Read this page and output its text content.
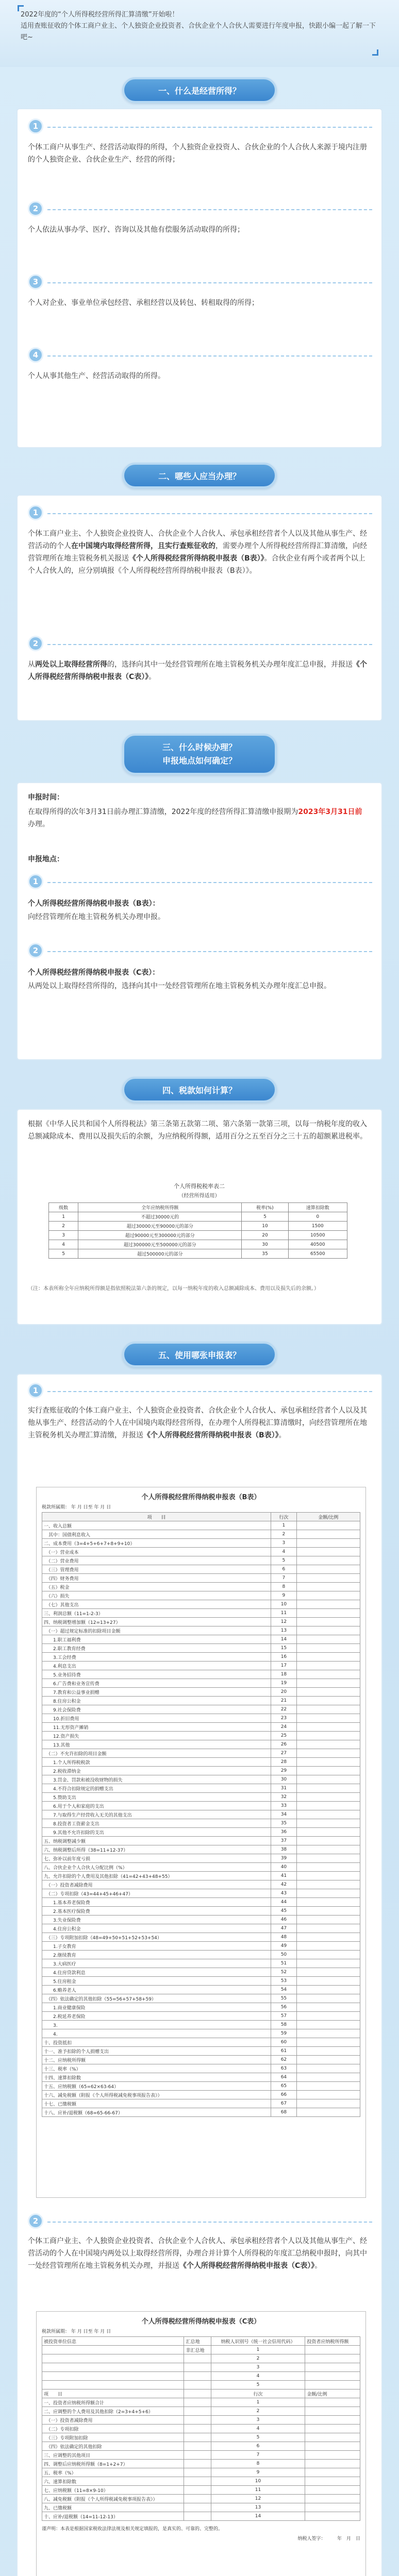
2022年度的“个人所得税经营所得汇算清缴”开始啦！
适用查账征收的个体工商户业主、个人独资企业投资者、合伙企业个人合伙人需要进行年度申报，快跟小编一起了解一下吧~
一、什么是经营所得？
1
个体工商户从事生产、经营活动取得的所得，个人独资企业投资人、合伙企业的个人合伙人来源于境内注册的个人独资企业、合伙企业生产、经营的所得；
2
个人依法从事办学、医疗、咨询以及其他有偿服务活动取得的所得；
3
个人对企业、事业单位承包经营、承租经营以及转包、转租取得的所得；
4
个人从事其他生产、经营活动取得的所得。
二、哪些人应当办理？
1
个体工商户业主、个人独资企业投资人、合伙企业个人合伙人、承包承租经营者个人以及其他从事生产、经营活动的个人在中国境内取得经营所得，且实行查账征收的，需要办理个人所得税经营所得汇算清缴，向经营管理所在地主管税务机关报送《个人所得税经营所得纳税申报表（B表）》。合伙企业有两个或者两个以上个人合伙人的，应分别填报《个人所得税经营所得纳税申报表（B表）》。
2
从两处以上取得经营所得的，选择向其中一处经营管理所在地主管税务机关办理年度汇总申报，并报送《个人所得税经营所得纳税申报表（C表）》。
三、什么时候办理？
申报地点如何确定？
申报时间：
在取得所得的次年3月31日前办理汇算清缴，2022年度的经营所得汇算清缴申报期为2023年3月31日前办理。
申报地点：
1
个人所得税经营所得纳税申报表（B表）：
向经营管理所在地主管税务机关办理申报。
2
个人所得税经营所得纳税申报表（C表）：
从两处以上取得经营所得的，选择向其中一处经营管理所在地主管税务机关办理年度汇总申报。
四、税款如何计算？
根据《中华人民共和国个人所得税法》第三条第五款第二项、第六条第一款第三项，以每一纳税年度的收入总额减除成本、费用以及损失后的余额，为应纳税所得额，适用百分之五至百分之三十五的超额累进税率。
个人所得税税率表二
（经营所得适用）
级数	全年应纳税所得额	税率(%)	速算扣除数
1	不超过30000元的	5	0
2	超过30000元至90000元的部分	10	1500
3	超过90000元至300000元的部分	20	10500
4	超过300000元至500000元的部分	30	40500
5	超过500000元的部分	35	65500
（注：本表所称全年应纳税所得额是指依照税法第六条的规定，以每一纳税年度的收入总额减除成本、费用以及损失后的余额。）
五、使用哪张申报表？
1
实行查账征收的个体工商户业主、个人独资企业投资者、合伙企业个人合伙人、承包承租经营者个人以及其他从事生产、经营活动的个人在中国境内取得经营所得，在办理个人所得税汇算清缴时，向经营管理所在地主管税务机关办理汇算清缴，并报送《个人所得税经营所得纳税申报表（B表）》。
个人所得税经营所得纳税申报表（B表）
税款所属期： 年 月 日至 年 月 日
项　　目	行次	金额/比例
一、收入总额	1	
　其中：国债利息收入	2	
二、成本费用（3=4+5+6+7+8+9+10）	3	
　（一）营业成本	4	
　（二）营业费用	5	
　（三）管理费用	6	
　（四）财务费用	7	
　（五）税金	8	
　（六）损失	9	
　（七）其他支出	10	
三、利润总额（11=1-2-3）	11	
四、纳税调整增加额（12=13+27）	12	
　（一）超过规定标准的扣除项目金额	13	
　　1.职工福利费	14	
　　2.职工教育经费	15	
　　3.工会经费	16	
　　4.利息支出	17	
　　5.业务招待费	18	
　　6.广告费和业务宣传费	19	
　　7.教育和公益事业捐赠	20	
　　8.住房公积金	21	
　　9.社会保险费	22	
　　10.折旧费用	23	
　　11.无形资产摊销	24	
　　12.资产损失	25	
　　13.其他	26	
　（二）不允许扣除的项目金额	27	
　　1.个人所得税税款	28	
　　2.税收滞纳金	29	
　　3.罚金、罚款和被没收财物的损失	30	
　　4.不符合扣除规定的捐赠支出	31	
　　5.赞助支出	32	
　　6.用于个人和家庭的支出	33	
　　7.与取得生产经营收入无关的其他支出	34	
　　8.投资者工资薪金支出	35	
　　9.其他不允许扣除的支出	36	
五、纳税调整减少额	37	
六、纳税调整后所得（38=11+12-37）	38	
七、弥补以前年度亏损	39	
八、合伙企业个人合伙人分配比例（%）	40	
九、允许扣除的个人费用及其他扣除（41=42+43+48+55）	41	
　（一）投资者减除费用	42	
　（二）专项扣除（43=44+45+46+47）	43	
　　1.基本养老保险费	44	
　　2.基本医疗保险费	45	
　　3.失业保险费	46	
　　4.住房公积金	47	
　（三）专项附加扣除（48=49+50+51+52+53+54）	48	
　　1.子女教育	49	
　　2.继续教育	50	
　　3.大病医疗	51	
　　4.住房贷款利息	52	
　　5.住房租金	53	
　　6.赡养老人	54	
　（四）依法确定的其他扣除（55=56+57+58+59）	55	
　　1.商业健康保险	56	
　　2.税延养老保险	57	
　　3.	58	
　　4.	59	
十、投资抵扣	60	
十一、准予扣除的个人捐赠支出	61	
十二、应纳税所得额	62	
十三、税率（%）	63	
十四、速算扣除数	64	
十五、应纳税额（65=62×63-64）	65	
十六、减免税额（附报《个人所得税减免税事项报告表》）	66	
十七、已缴税额	67	
十八、应补/退税额（68=65-66-67）	68	
2
个体工商户业主、个人独资企业投资者、合伙企业个人合伙人、承包承租经营者个人以及其他从事生产、经营活动的个人在中国境内两处以上取得经营所得，办理合并计算个人所得税的年度汇总纳税申报时，向其中一处经营管理所在地主管税务机关办理，并报送《个人所得税经营所得纳税申报表（C表）》。
个人所得税经营所得纳税申报表（C表）
税款所属期： 年 月 日至 年 月 日
被投资单位信息	汇总地	纳税人识别号（统一社会信用代码）	投资者应纳税所得额
	非汇总地	1	
		2	
		3	
		4	
		5	
项　　目		行次	金额/比例
一、投资者应纳税所得额合计		1	
二、应调整的个人费用及其他扣除（2=3+4+5+6）		2	
　（一）投资者减除费用		3	
　（二）专项扣除		4	
　（三）专项附加扣除		5	
　（四）依法确定的其他扣除		6	
三、应调整的其他项目		7	
四、调整后应纳税所得额（8=1+2+7）		8	
五、税率（%）		9	
六、速算扣除数		10	
七、应纳税额（11=8×9-10）		11	
八、减免税额（附报《个人所得税减免税事项报告表》）		12	
九、已缴税额		13	
十、应补/退税额（14=11-12-13）		14	
谨声明：本表是根据国家税收法律法规及相关规定填报的，是真实的、可靠的、完整的。
纳税人签字：　　　年　月　日
